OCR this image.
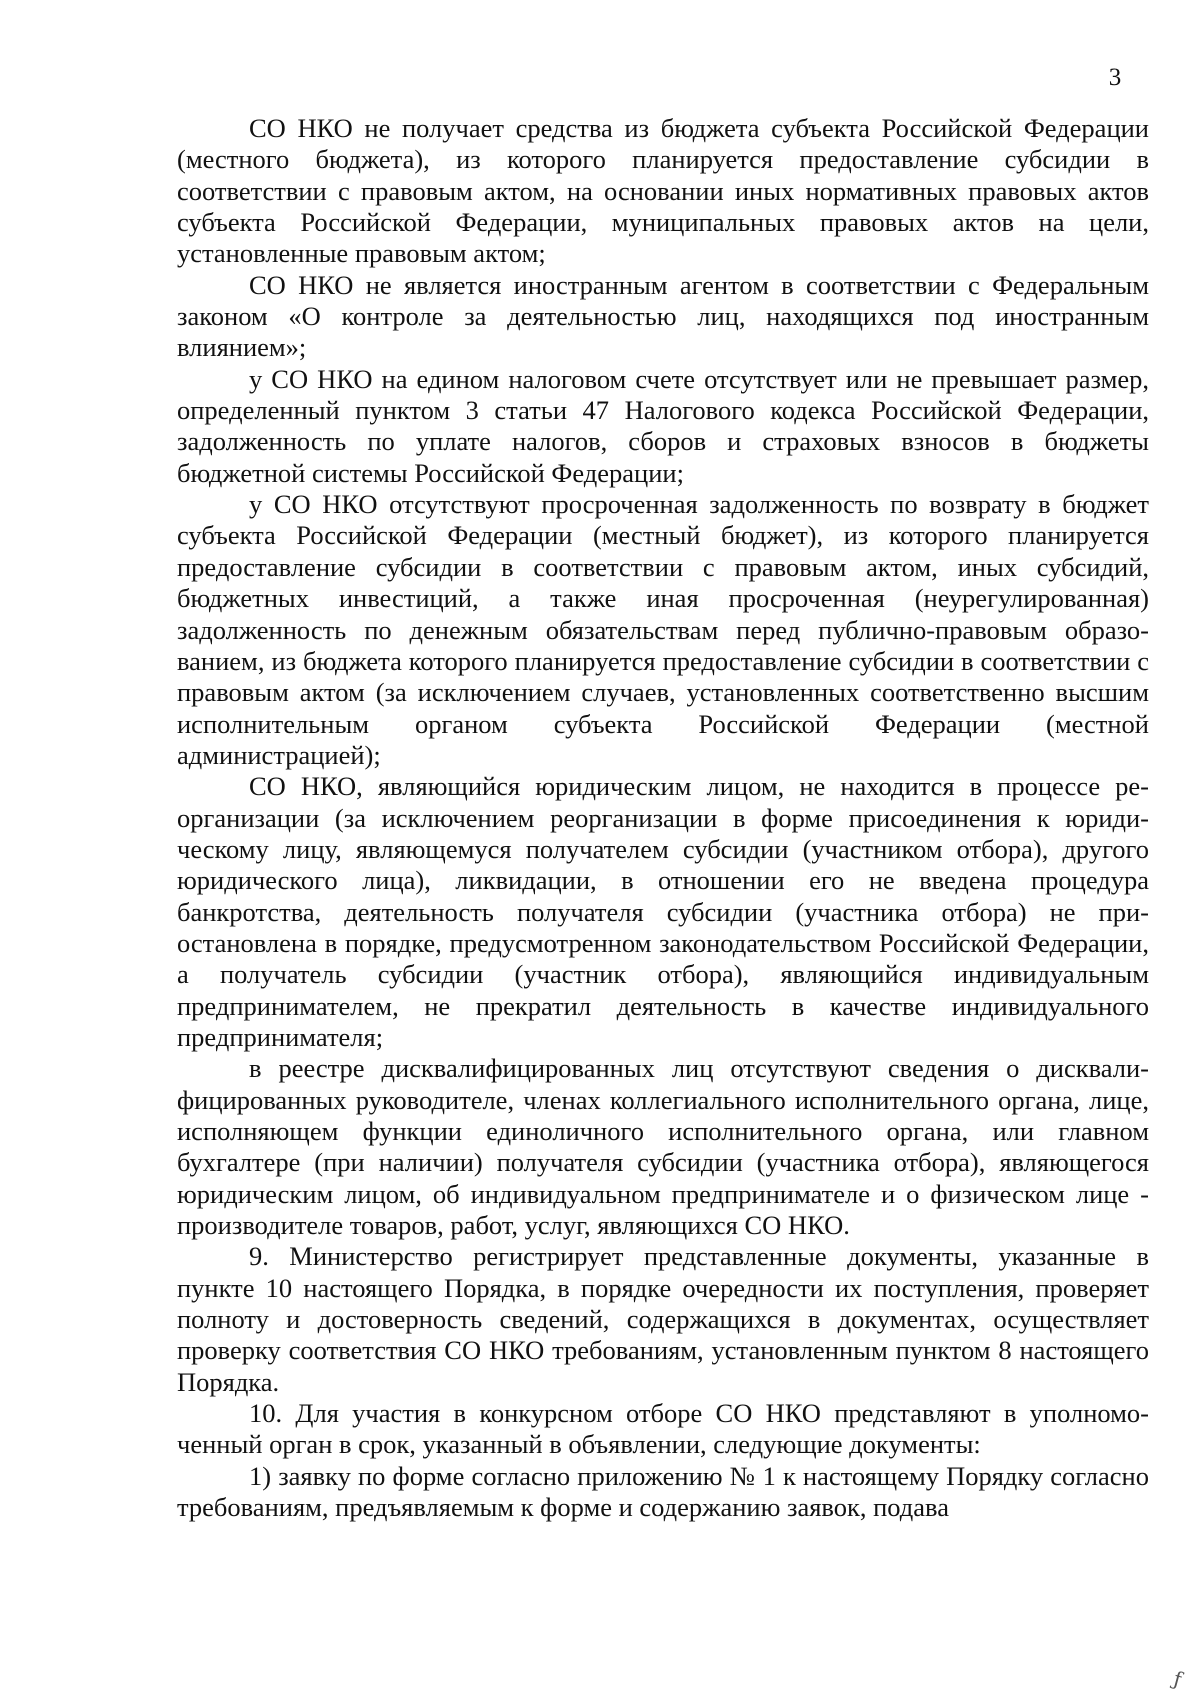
3

СО НКО не получает средства из бюджета субъекта Российской Федерации (местного бюджета), из которого планируется предоставление субсидии в соответствии с правовым актом, на основании иных нормативных правовых актов субъекта Российской Федерации, муниципальных правовых актов на цели, установленные правовым актом;

СО НКО не является иностранным агентом в соответствии с Федеральным законом «О контроле за деятельностью лиц, находящихся под иностранным влиянием»;

у СО НКО на едином налоговом счете отсутствует или не превышает размер, определенный пунктом 3 статьи 47 Налогового кодекса Российской Федерации, задолженность по уплате налогов, сборов и страховых взносов в бюджеты бюджетной системы Российской Федерации;

у СО НКО отсутствуют просроченная задолженность по возврату в бюджет субъекта Российской Федерации (местный бюджет), из которого планируется предоставление субсидии в соответствии с правовым актом, иных субсидий, бюджетных инвестиций, а также иная просроченная (неурегулированная) задолженность по денежным обязательствам перед публично-правовым образованием, из бюджета которого планируется предоставление субсидии в соответствии с правовым актом (за исключением случаев, установленных соответственно высшим исполнительным органом субъекта Российской Федерации (местной администрацией);

СО НКО, являющийся юридическим лицом, не находится в процессе реорганизации (за исключением реорганизации в форме присоединения к юридическому лицу, являющемуся получателем субсидии (участником отбора), другого юридического лица), ликвидации, в отношении его не введена процедура банкротства, деятельность получателя субсидии (участника отбора) не приостановлена в порядке, предусмотренном законодательством Российской Федерации, а получатель субсидии (участник отбора), являющийся индивидуальным предпринимателем, не прекратил деятельность в качестве индивидуального предпринимателя;

в реестре дисквалифицированных лиц отсутствуют сведения о дисквалифицированных руководителе, членах коллегиального исполнительного органа, лице, исполняющем функции единоличного исполнительного органа, или главном бухгалтере (при наличии) получателя субсидии (участника отбора), являющегося юридическим лицом, об индивидуальном предпринимателе и о физическом лице - производителе товаров, работ, услуг, являющихся СО НКО.

9. Министерство регистрирует представленные документы, указанные в пункте 10 настоящего Порядка, в порядке очередности их поступления, проверяет полноту и достоверность сведений, содержащихся в документах, осуществляет проверку соответствия СО НКО требованиям, установленным пунктом 8 настоящего Порядка.

10. Для участия в конкурсном отборе СО НКО представляют в уполномоченный орган в срок, указанный в объявлении, следующие документы:

1) заявку по форме согласно приложению № 1 к настоящему Порядку согласно требованиям, предъявляемым к форме и содержанию заявок, подава

ƒ
